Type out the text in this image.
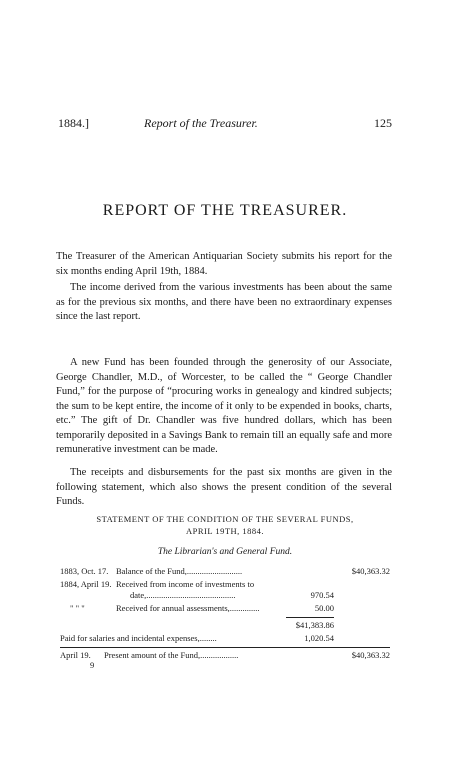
1884.]	Report of the Treasurer.	125
REPORT OF THE TREASURER.
The Treasurer of the American Antiquarian Society submits his report for the six months ending April 19th, 1884.
The income derived from the various investments has been about the same as for the previous six months, and there have been no extraordinary expenses since the last report.
A new Fund has been founded through the generosity of our Associate, George Chandler, M.D., of Worcester, to be called the “ George Chandler Fund,” for the purpose of “procuring works in genealogy and kindred subjects; the sum to be kept entire, the income of it only to be expended in books, charts, etc.” The gift of Dr. Chandler was five hundred dollars, which has been temporarily deposited in a Savings Bank to remain till an equally safe and more remunerative investment can be made.
The receipts and disbursements for the past six months are given in the following statement, which also shows the present condition of the several Funds.
STATEMENT OF THE CONDITION OF THE SEVERAL FUNDS,
APRIL 19TH, 1884.
The Librarian's and General Fund.
1883, Oct. 17. Balance of the Fund,..........................	$40,363.32
1884, April 19. Received from income of investments to
date,..........................................	970.54
" " "	Received for annual assessments,..............	50.00
$41,383.86
Paid for salaries and incidental expenses,........	1,020.54
April 19.	Present amount of the Fund,..................	$40,363.32
9
